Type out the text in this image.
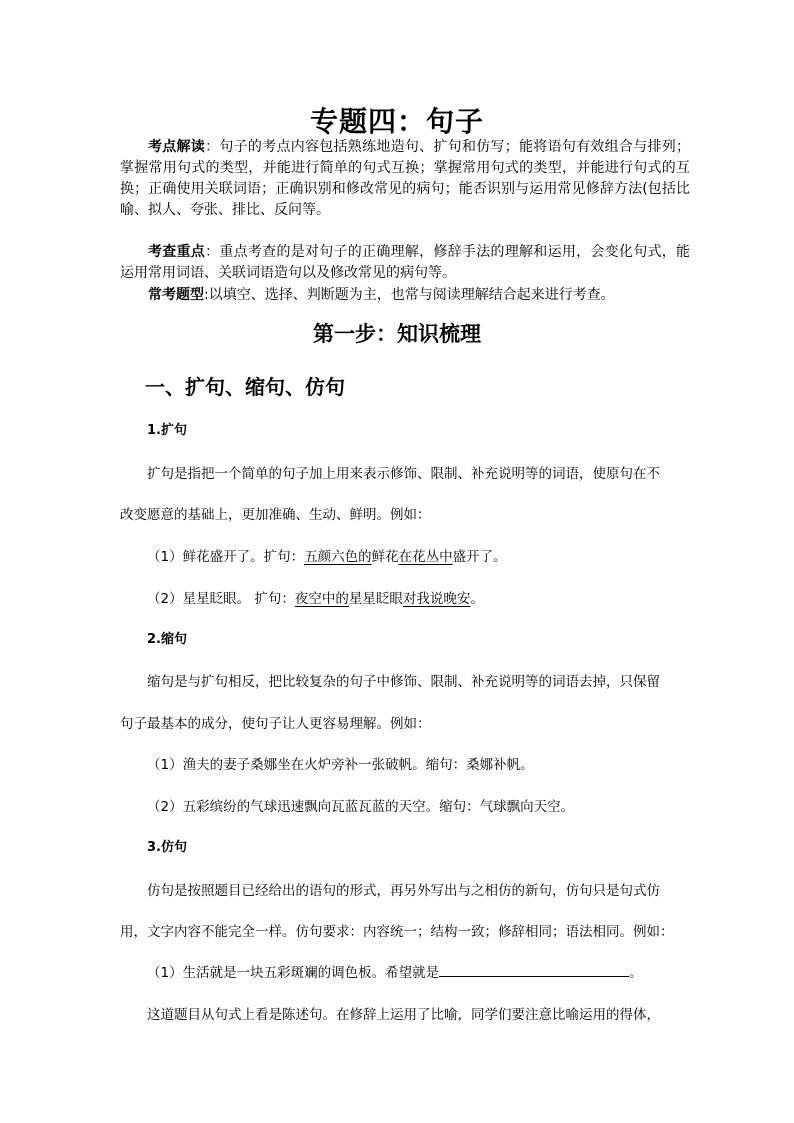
专题四：句子

考点解读：句子的考点内容包括熟练地造句、扩句和仿写；能将语句有效组合与排列；掌握常用句式的类型，并能进行简单的句式互换；掌握常用句式的类型，并能进行句式的互换；正确使用关联词语；正确识别和修改常见的病句；能否识别与运用常见修辞方法(包括比喻、拟人、夸张、排比、反问等。

考查重点：重点考查的是对句子的正确理解，修辞手法的理解和运用，会变化句式，能运用常用词语、关联词语造句以及修改常见的病句等。

常考题型:以填空、选择、判断题为主，也常与阅读理解结合起来进行考查。

第一步：知识梳理
一、扩句、缩句、仿句
1.扩句
扩句是指把一个简单的句子加上用来表示修饰、限制、补充说明等的词语，使原句在不
改变愿意的基础上，更加准确、生动、鲜明。例如：
（1）鲜花盛开了。扩句：五颜六色的鲜花在花丛中盛开了。
（2）星星眨眼。 扩句：夜空中的星星眨眼对我说晚安。
2.缩句
缩句是与扩句相反，把比较复杂的句子中修饰、限制、补充说明等的词语去掉，只保留
句子最基本的成分，使句子让人更容易理解。例如：
（1）渔夫的妻子桑娜坐在火炉旁补一张破帆。缩句：桑娜补帆。
（2）五彩缤纷的气球迅速飘向瓦蓝瓦蓝的天空。缩句：气球飘向天空。
3.仿句
仿句是按照题目已经给出的语句的形式，再另外写出与之相仿的新句，仿句只是句式仿
用，文字内容不能完全一样。仿句要求：内容统一；结构一致；修辞相同；语法相同。例如：
（1）生活就是一块五彩斑斓的调色板。希望就是	。
这道题目从句式上看是陈述句。在修辞上运用了比喻，同学们要注意比喻运用的得体，
